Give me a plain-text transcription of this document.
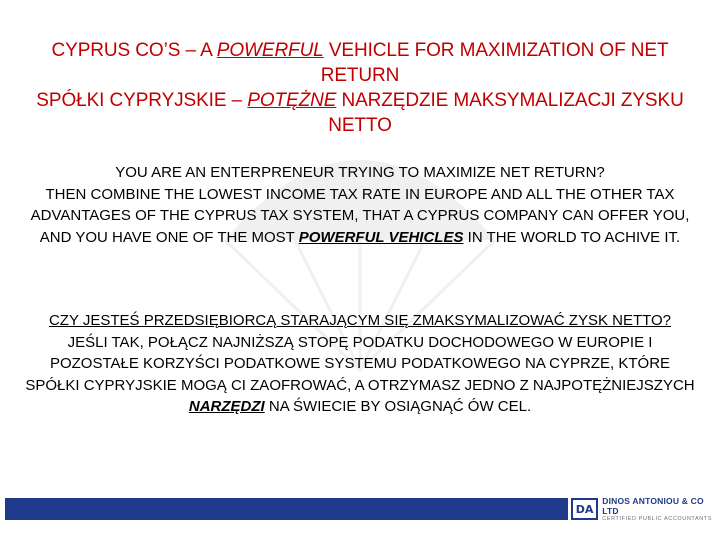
CYPRUS CO’S – A POWERFUL VEHICLE FOR MAXIMIZATION OF NET RETURN
SPÓŁKI CYPRYJSKIE – POTĘŻNE NARZĘDZIE MAKSYMALIZACJI ZYSKU NETTO
YOU ARE AN ENTERPRENEUR TRYING TO MAXIMIZE NET RETURN?
THEN COMBINE THE LOWEST INCOME TAX RATE IN EUROPE AND ALL THE OTHER TAX ADVANTAGES OF THE CYPRUS TAX SYSTEM, THAT A CYPRUS COMPANY CAN OFFER YOU, AND YOU HAVE ONE OF THE MOST POWERFUL VEHICLES IN THE WORLD TO ACHIVE IT.
CZY JESTEŚ PRZEDSIĘBIORCĄ STARAJĄCYM SIĘ ZMAKSYMALIZOWAĆ ZYSK NETTO?
JEŚLI TAK, POŁĄCZ NAJNIŻSZĄ STOPĘ PODATKU DOCHODOWEGO W EUROPIE I POZOSTAŁE KORZYŚCI PODATKOWE SYSTEMU PODATKOWEGO NA CYPRZE, KTÓRE SPÓŁKI CYPRYJSKIE MOGĄ CI ZAOFROWAĆ, A OTRZYMASZ JEDNO Z NAJPOTĘŻNIEJSZYCH NARZĘDZI NA ŚWIECIE BY OSIĄGNĄĆ ÓW CEL.
DA
DINOS ANTONIOU & CO LTD
CERTIFIED PUBLIC ACCOUNTANTS
